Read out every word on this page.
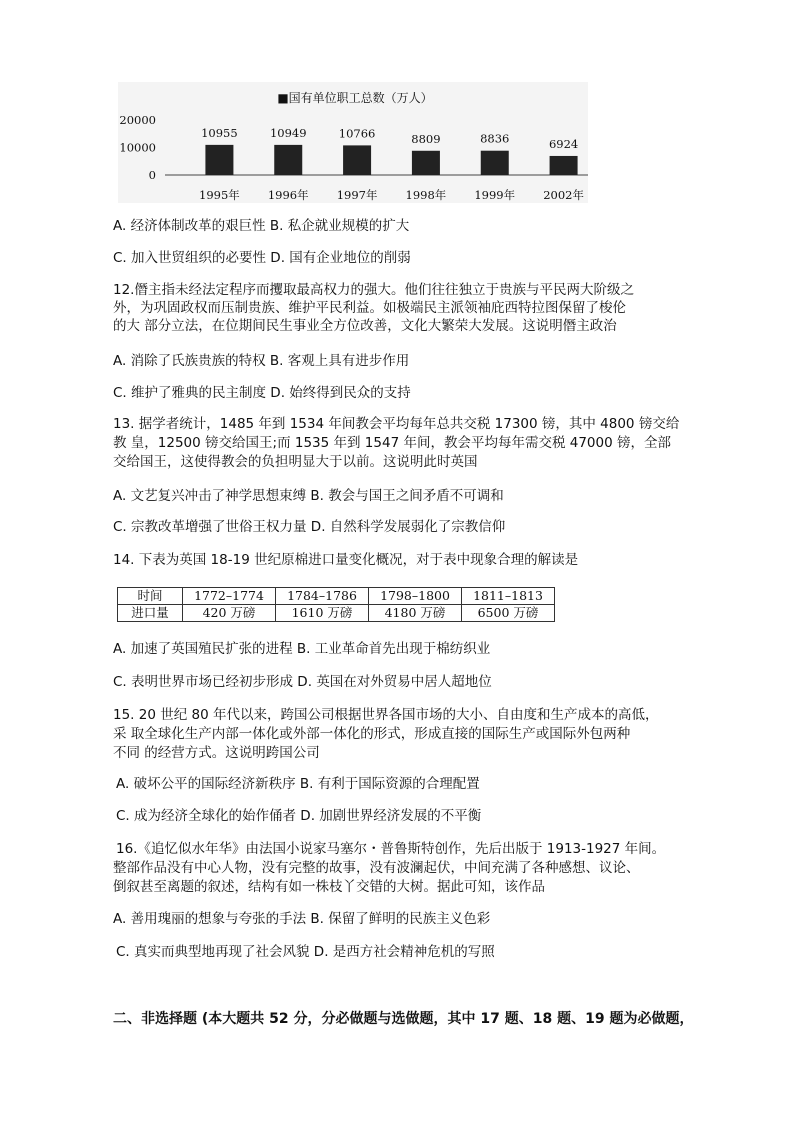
■国有单位职工总数（万人）
20000
10000
0
10955
1995年
10949
1996年
10766
1997年
8809
1998年
8836
1999年
6924
2002年
A. 经济体制改革的艰巨性 B. 私企就业规模的扩大
C. 加入世贸组织的必要性 D. 国有企业地位的削弱
12.僭主指未经法定程序而攫取最高权力的强大。他们往往独立于贵族与平民两大阶级之
外，为巩固政权而压制贵族、维护平民利益。如极端民主派领袖庇西特拉图保留了梭伦
的大 部分立法，在位期间民生事业全方位改善，文化大繁荣大发展。这说明僭主政治
A. 消除了氏族贵族的特权 B. 客观上具有进步作用
C. 维护了雅典的民主制度 D. 始终得到民众的支持
13. 据学者统计，1485 年到 1534 年间教会平均每年总共交税 17300 镑，其中 4800 镑交给
教 皇，12500 镑交给国王;而 1535 年到 1547 年间，教会平均每年需交税 47000 镑，全部
交给国王，这使得教会的负担明显大于以前。这说明此时英国
A. 文艺复兴冲击了神学思想束缚 B. 教会与国王之间矛盾不可调和
C. 宗教改革增强了世俗王权力量 D. 自然科学发展弱化了宗教信仰
14. 下表为英国 18-19 世纪原棉进口量变化概况，对于表中现象合理的解读是
时间	1772–1774	1784–1786	1798–1800	1811–1813
进口量	420 万磅	1610 万磅	4180 万磅	6500 万磅
A. 加速了英国殖民扩张的进程 B. 工业革命首先出现于棉纺织业
C. 表明世界市场已经初步形成 D. 英国在对外贸易中居人超地位
15. 20 世纪 80 年代以来，跨国公司根据世界各国市场的大小、自由度和生产成本的高低，
采 取全球化生产内部一体化或外部一体化的形式，形成直接的国际生产或国际外包两种
不同 的经营方式。这说明跨国公司
A. 破坏公平的国际经济新秩序 B. 有利于国际资源的合理配置
C. 成为经济全球化的始作俑者 D. 加剧世界经济发展的不平衡
16.《追忆似水年华》由法国小说家马塞尔・普鲁斯特创作，先后出版于 1913-1927 年间。
整部作品没有中心人物，没有完整的故事，没有波澜起伏，中间充满了各种感想、议论、
倒叙甚至离题的叙述，结构有如一株枝丫交错的大树。据此可知，该作品
A. 善用瑰丽的想象与夸张的手法 B. 保留了鲜明的民族主义色彩
C. 真实而典型地再现了社会风貌 D. 是西方社会精神危机的写照
二、非选择题 (本大题共 52 分，分必做题与选做题，其中 17 题、18 题、19 题为必做题，
